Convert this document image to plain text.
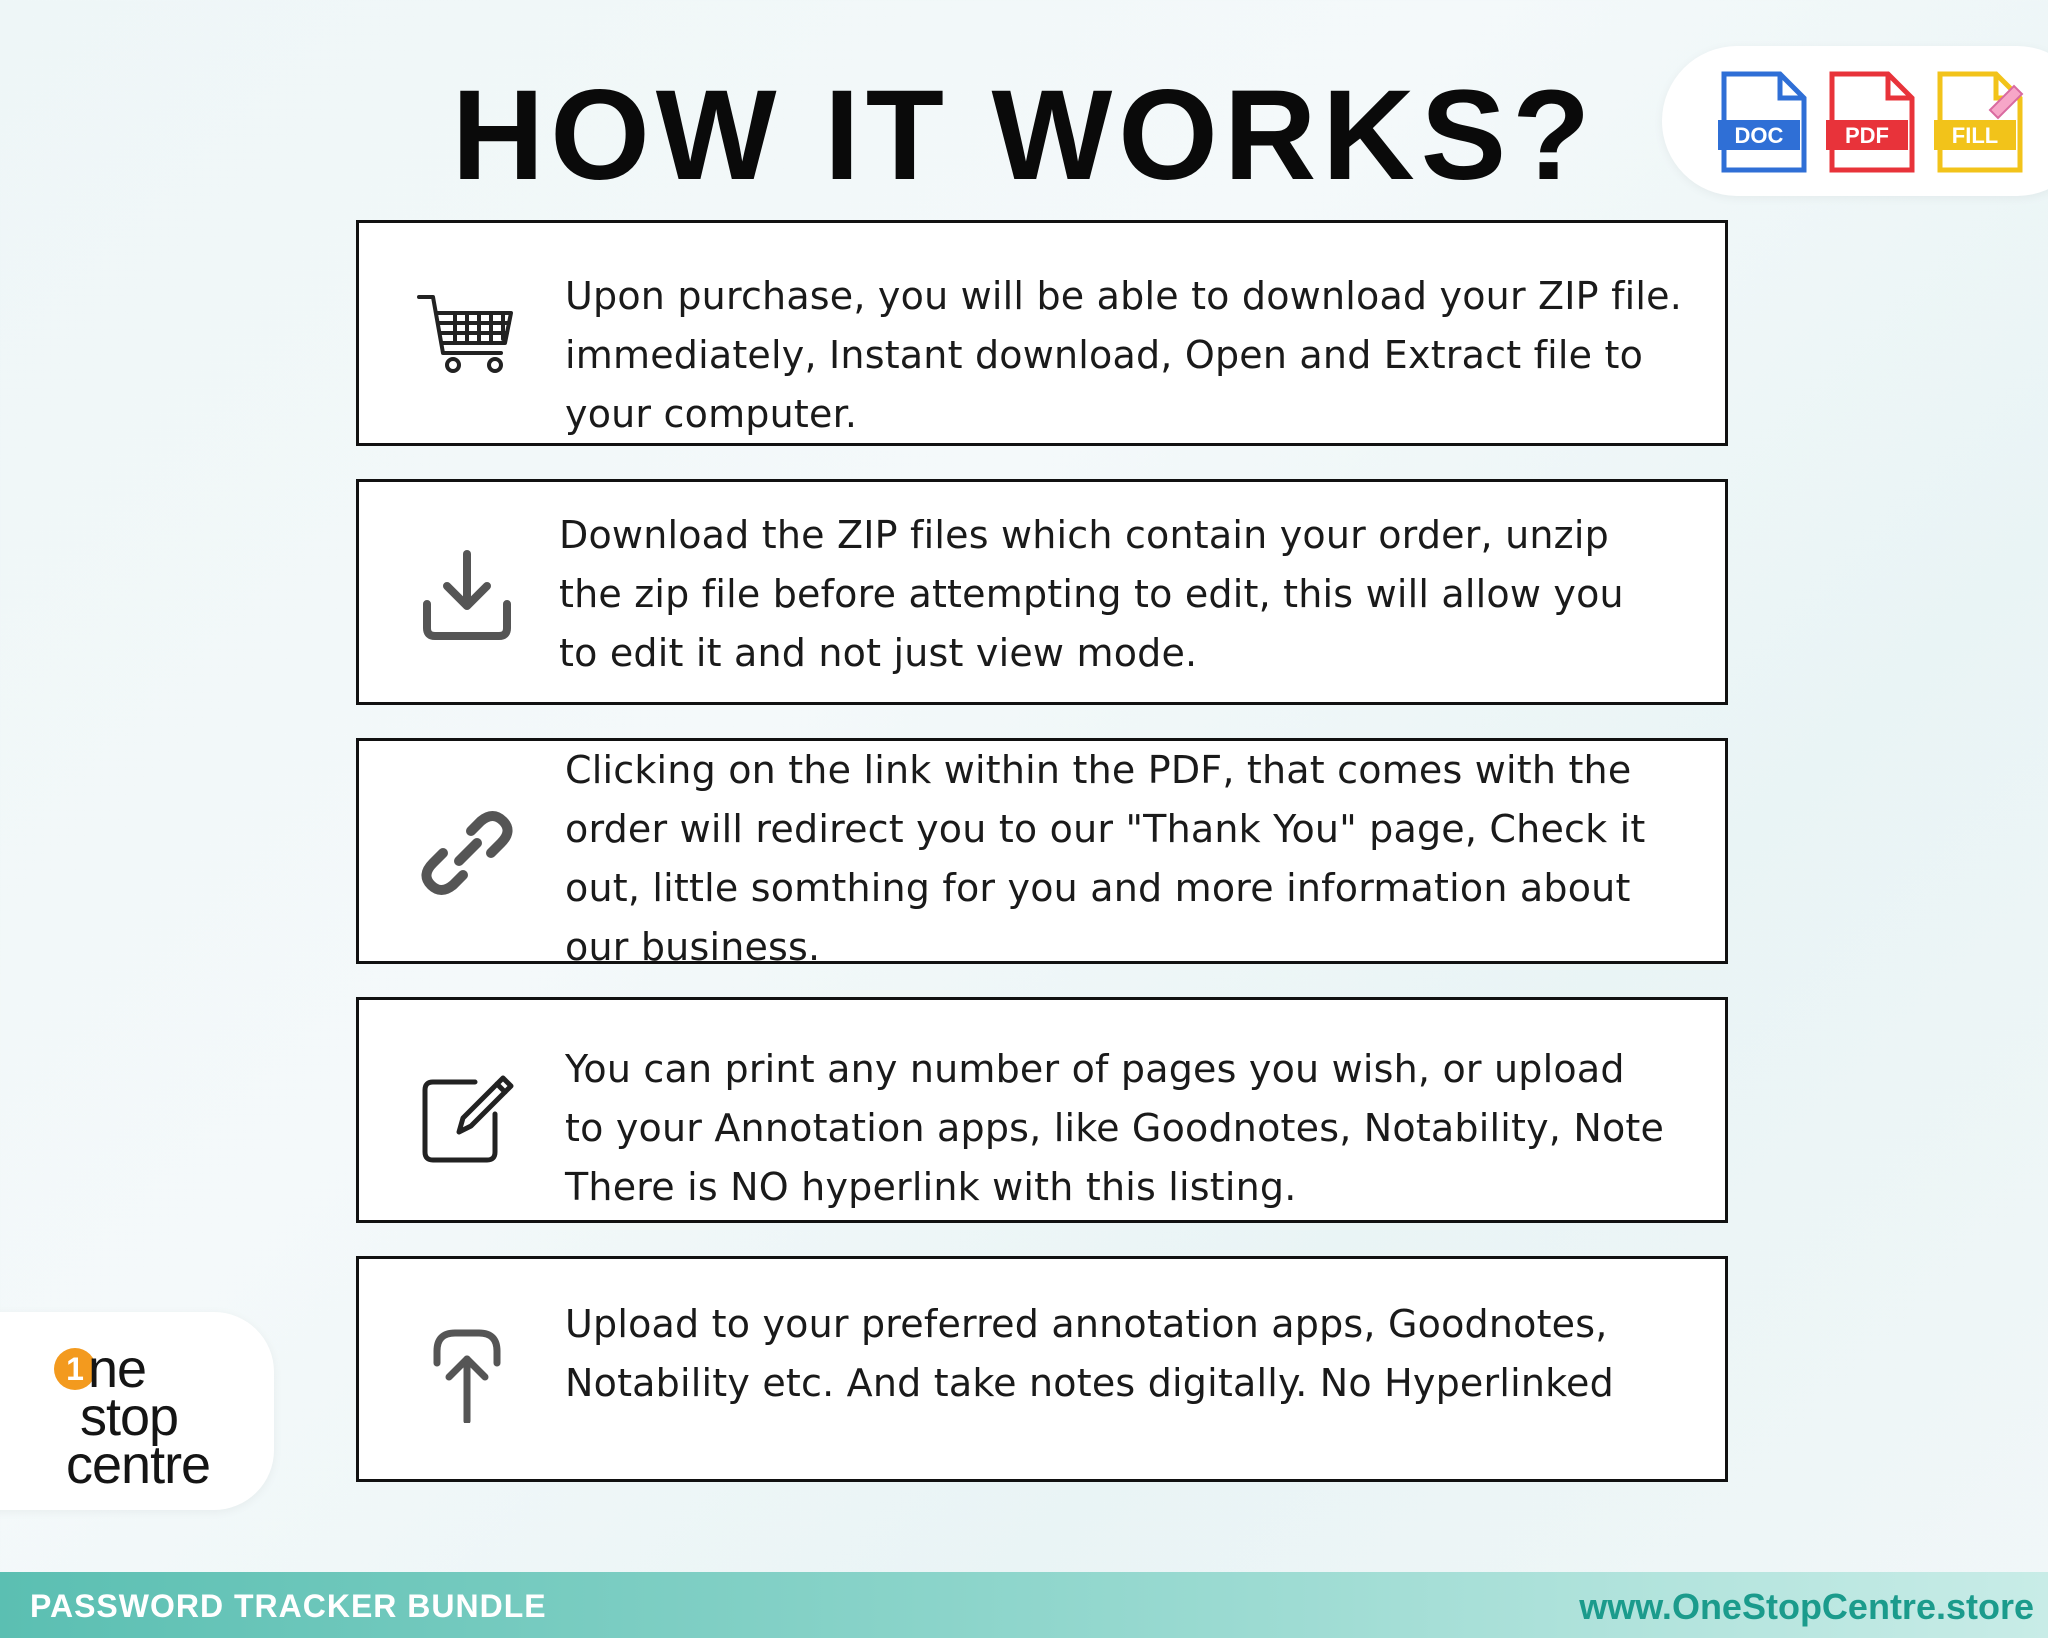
HOW IT WORKS?	DOC	PDF	FILL
Upon purchase, you will be able to download your ZIP file.
immediately, Instant download, Open and Extract file to
your computer.
Download the ZIP files which contain your order, unzip
the zip file before attempting to edit, this will allow you
to edit it and not just view mode.
Clicking on the link within the PDF, that comes with the
order will redirect you to our "Thank You" page, Check it
out, little somthing for you and more information about
our business.
You can print any number of pages you wish, or upload
to your Annotation apps, like Goodnotes, Notability, Note
There is NO hyperlink with this listing.
Upload to your preferred annotation apps, Goodnotes,
Notability etc. And take notes digitally. No Hyperlinked
1 ne
stop
centre
PASSWORD TRACKER BUNDLE	www.OneStopCentre.store
